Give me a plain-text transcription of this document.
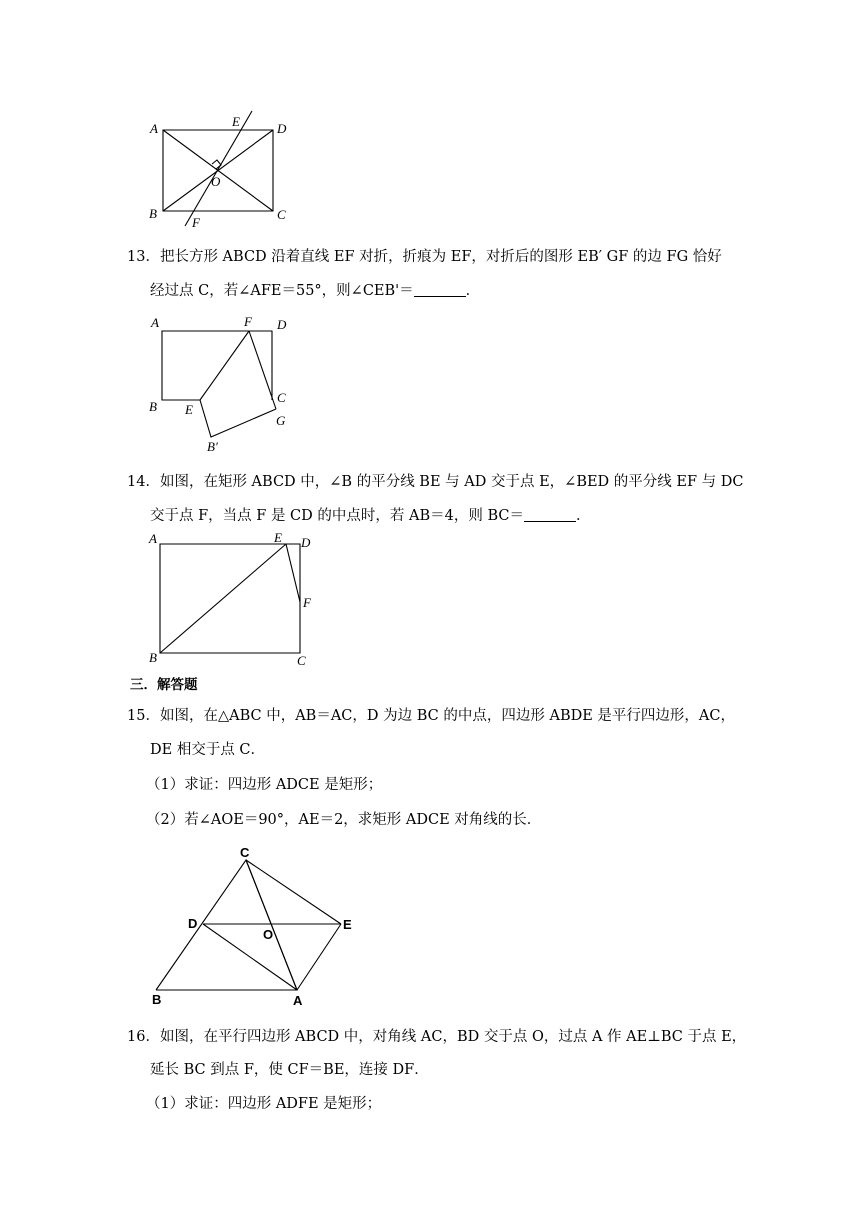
A
B	C
D
E
F
O
13．把长方形 ABCD 沿着直线 EF 对折，折痕为 EF，对折后的图形 EB′ GF 的边 FG 恰好
经过点 C，若∠AFE＝55°，则∠CEB'＝	．
A
B
C
D
E
F
G
B′
14．如图，在矩形 ABCD 中，∠B 的平分线 BE 与 AD 交于点 E，∠BED 的平分线 EF 与 DC
交于点 F，当点 F 是 CD 的中点时，若 AB＝4，则 BC＝	．
A
B	C
D
E
F
三．解答题
15．如图，在△ABC 中，AB＝AC，D 为边 BC 的中点，四边形 ABDE 是平行四边形，AC，
DE 相交于点 C．
（1）求证：四边形 ADCE 是矩形；
（2）若∠AOE＝90°，AE＝2，求矩形 ADCE 对角线的长．
A
B
C
D	E
O
16．如图，在平行四边形 ABCD 中，对角线 AC，BD 交于点 O，过点 A 作 AE⊥BC 于点 E，
延长 BC 到点 F，使 CF＝BE，连接 DF．
（1）求证：四边形 ADFE 是矩形；
